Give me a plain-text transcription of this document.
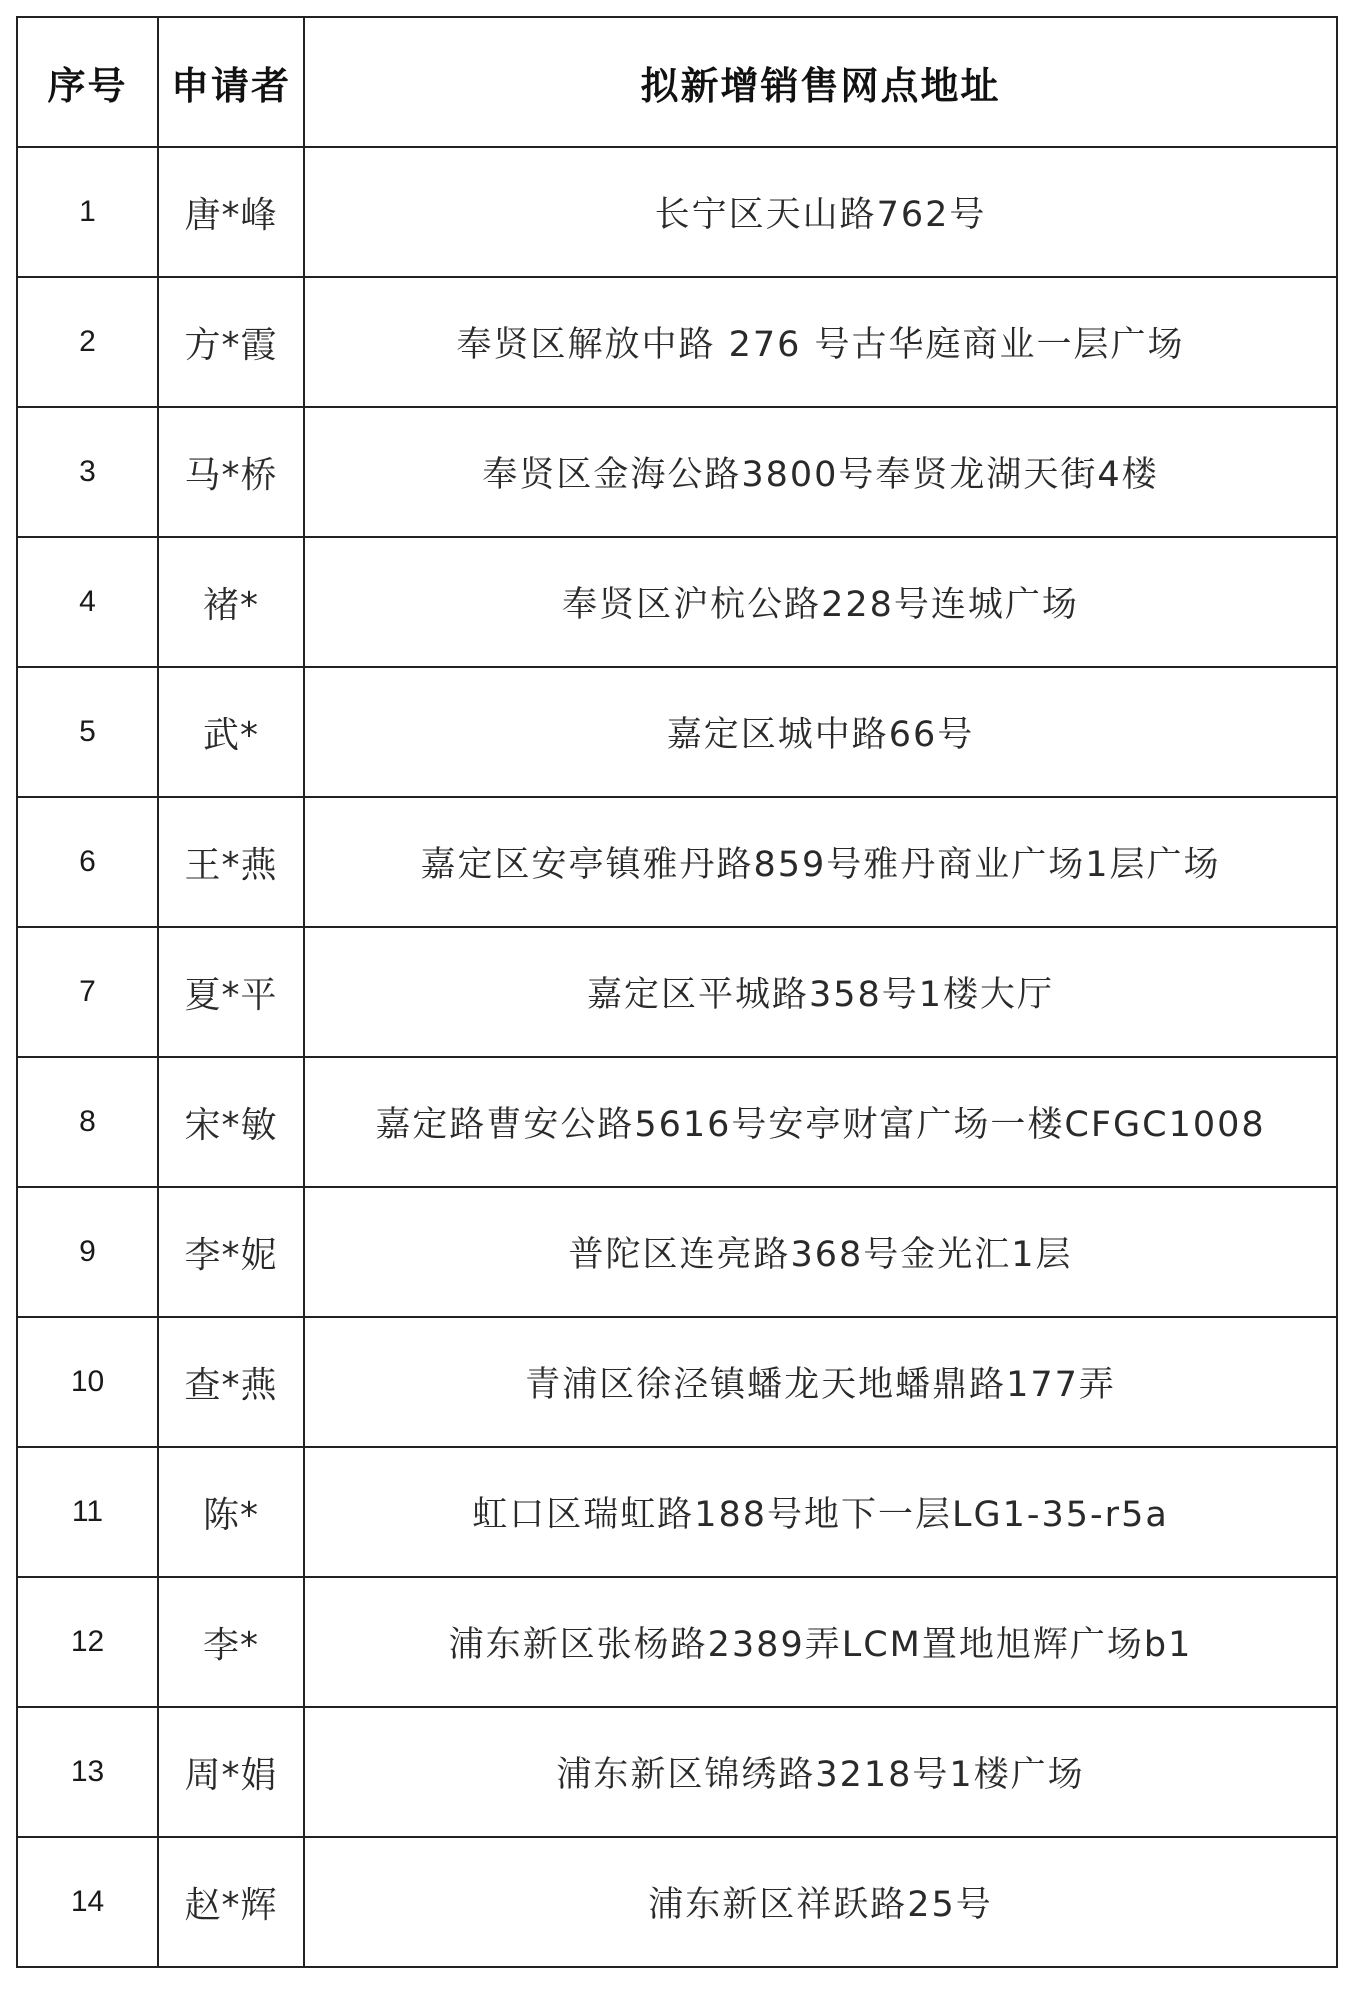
序号	申请者	拟新增销售网点地址
1	唐*峰	长宁区天山路762号
2	方*霞	奉贤区解放中路 276 号古华庭商业一层广场
3	马*桥	奉贤区金海公路3800号奉贤龙湖天街4楼
4	褚*	奉贤区沪杭公路228号连城广场
5	武*	嘉定区城中路66号
6	王*燕	嘉定区安亭镇雅丹路859号雅丹商业广场1层广场
7	夏*平	嘉定区平城路358号1楼大厅
8	宋*敏	嘉定路曹安公路5616号安亭财富广场一楼CFGC1008
9	李*妮	普陀区连亮路368号金光汇1层
10	查*燕	青浦区徐泾镇蟠龙天地蟠鼎路177弄
11	陈*	虹口区瑞虹路188号地下一层LG1-35-r5a
12	李*	浦东新区张杨路2389弄LCM置地旭辉广场b1
13	周*娟	浦东新区锦绣路3218号1楼广场
14	赵*辉	浦东新区祥跃路25号
